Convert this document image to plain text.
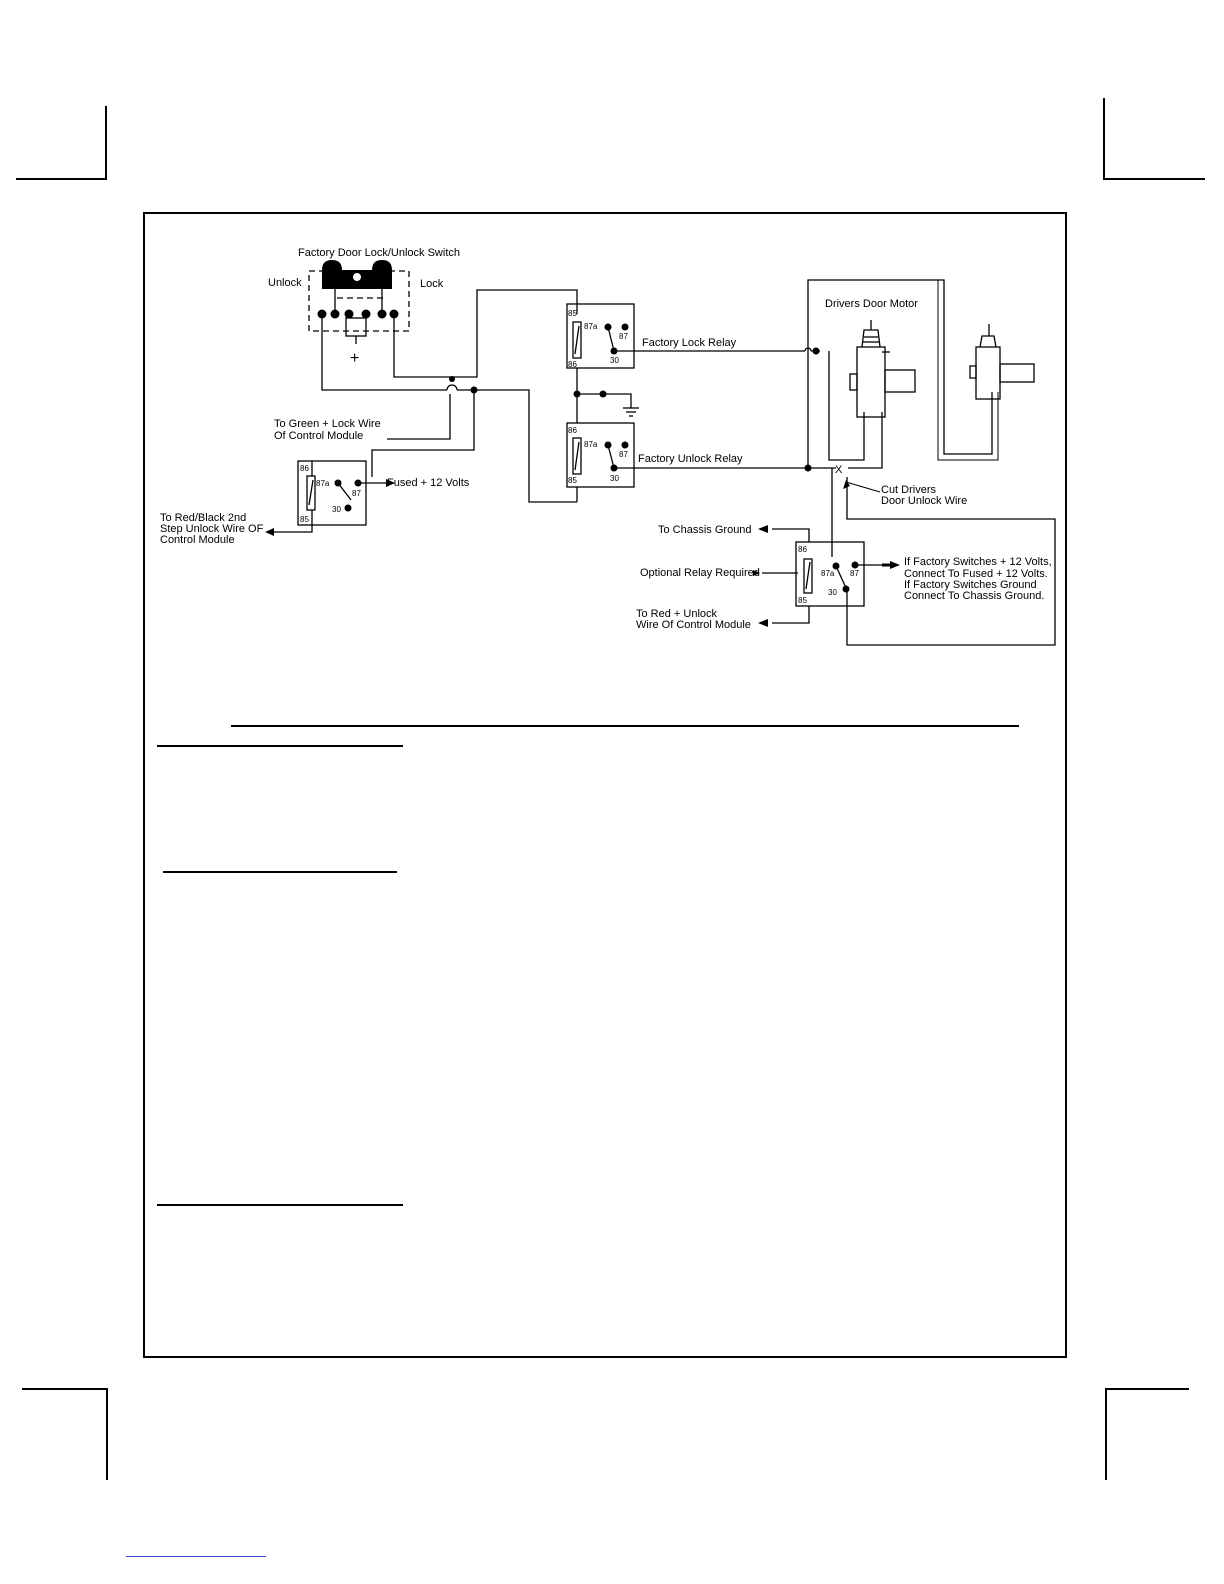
Factory Door Lock/Unlock Switch
Unlock	Lock
+
86
85
87a
87
30
85
86
87a
87
30
86
85
87a
87
30
86
85
87a 87
30
Factory Lock Relay
Factory Unlock Relay
Drivers Door Motor
To Green + Lock Wire
Of Control Module
Fused + 12 Volts
To Red/Black 2nd
Step Unlock Wire OF
Control Module
X
Cut Drivers
Door Unlock Wire
To Chassis Ground
Optional Relay Required
To Red + Unlock
Wire Of Control Module
If Factory Switches + 12 Volts,
Connect To Fused + 12 Volts.
If Factory Switches Ground
Connect To Chassis Ground.
